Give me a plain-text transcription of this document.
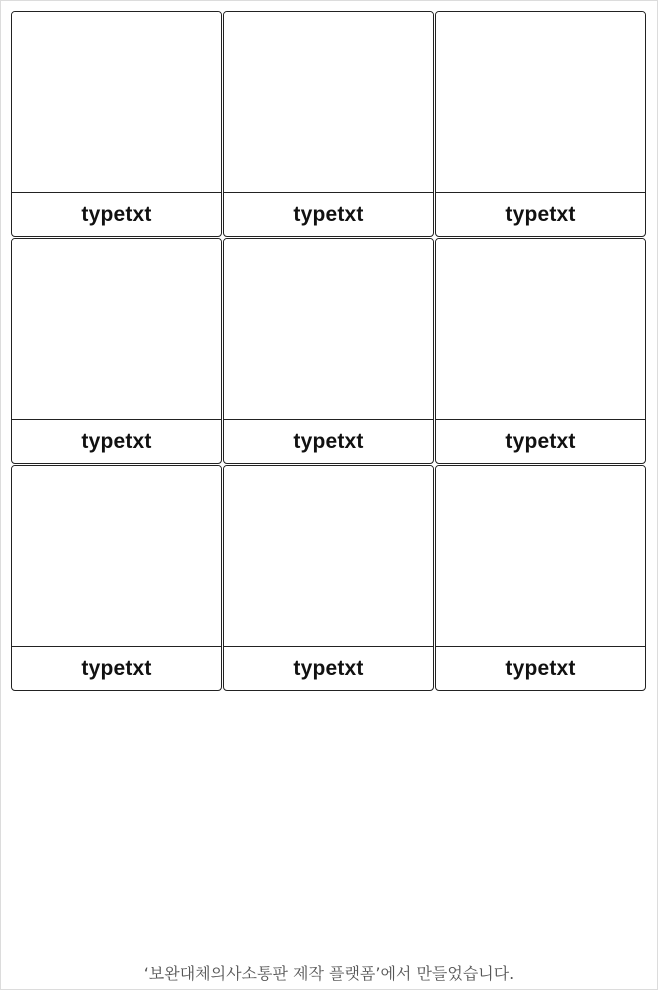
typetxt	typetxt	typetxt
typetxt	typetxt	typetxt
typetxt	typetxt	typetxt
‘보완대체의사소통판 제작 플랫폼’에서 만들었습니다.
